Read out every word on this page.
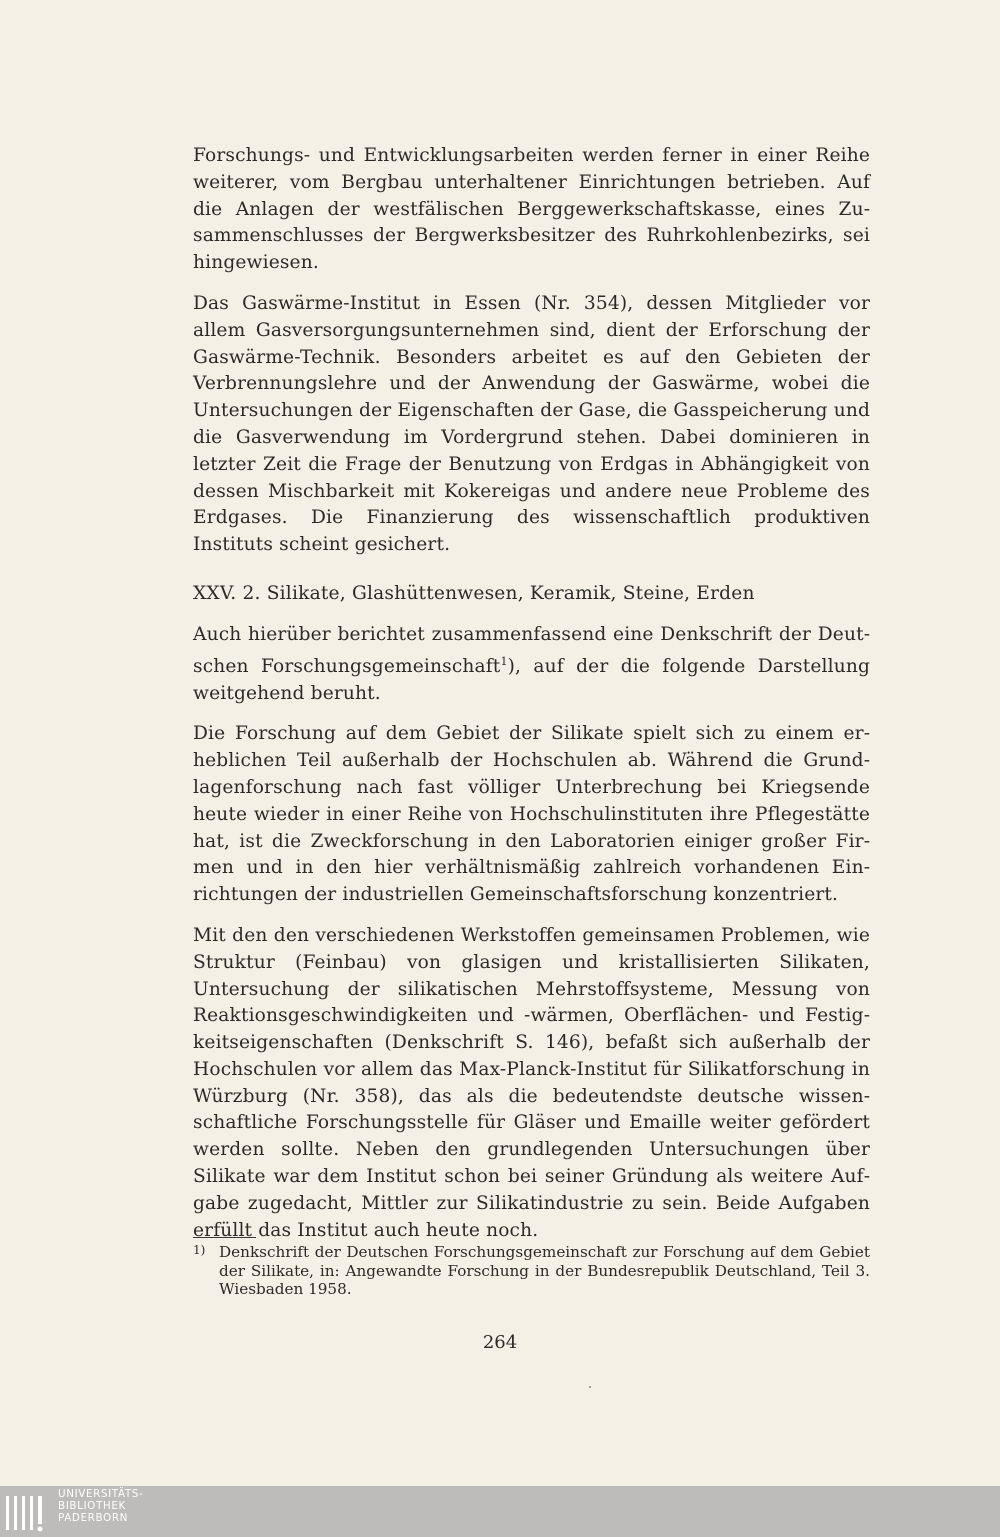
Forschungs- und Entwicklungsarbeiten werden ferner in einer Reihe weiterer, vom Bergbau unterhaltener Einrichtungen betrieben. Auf die Anlagen der westfälischen Berggewerkschaftskasse, eines Zusammenschlusses der Bergwerksbesitzer des Ruhrkohlenbezirks, sei hingewiesen.

Das Gaswärme-Institut in Essen (Nr. 354), dessen Mitglieder vor allem Gasversorgungsunternehmen sind, dient der Erforschung der Gaswärme-Technik. Besonders arbeitet es auf den Gebieten der Verbrennungslehre und der Anwendung der Gaswärme, wobei die Untersuchungen der Eigenschaften der Gase, die Gasspeicherung und die Gasverwendung im Vordergrund stehen. Dabei dominieren in letzter Zeit die Frage der Benutzung von Erdgas in Abhängigkeit von dessen Mischbarkeit mit Kokereigas und andere neue Probleme des Erdgases. Die Finanzierung des wissenschaftlich produktiven Instituts scheint gesichert.

XXV. 2. Silikate, Glashüttenwesen, Keramik, Steine, Erden

Auch hierüber berichtet zusammenfassend eine Denkschrift der Deutschen Forschungsgemeinschaft$^1$), auf der die folgende Darstellung weitgehend beruht.

Die Forschung auf dem Gebiet der Silikate spielt sich zu einem erheblichen Teil außerhalb der Hochschulen ab. Während die Grundlagenforschung nach fast völliger Unterbrechung bei Kriegsende heute wieder in einer Reihe von Hochschulinstituten ihre Pflegestätte hat, ist die Zweckforschung in den Laboratorien einiger großer Firmen und in den hier verhältnismäßig zahlreich vorhandenen Einrichtungen der industriellen Gemeinschaftsforschung konzentriert.

Mit den den verschiedenen Werkstoffen gemeinsamen Problemen, wie Struktur (Feinbau) von glasigen und kristallisierten Silikaten, Untersuchung der silikatischen Mehrstoffsysteme, Messung von Reaktionsgeschwindigkeiten und -wärmen, Oberflächen- und Festigkeitseigenschaften (Denkschrift S. 146), befaßt sich außerhalb der Hochschulen vor allem das Max-Planck-Institut für Silikatforschung in Würzburg (Nr. 358), das als die bedeutendste deutsche wissenschaftliche Forschungsstelle für Gläser und Emaille weiter gefördert werden sollte. Neben den grundlegenden Untersuchungen über Silikate war dem Institut schon bei seiner Gründung als weitere Aufgabe zugedacht, Mittler zur Silikatindustrie zu sein. Beide Aufgaben erfüllt das Institut auch heute noch.

1) Denkschrift der Deutschen Forschungsgemeinschaft zur Forschung auf dem Gebiet der Silikate, in: Angewandte Forschung in der Bundesrepublik Deutschland, Teil 3. Wiesbaden 1958.
264
UNIVERSITÄTS-
BIBLIOTHEK
PADERBORN
